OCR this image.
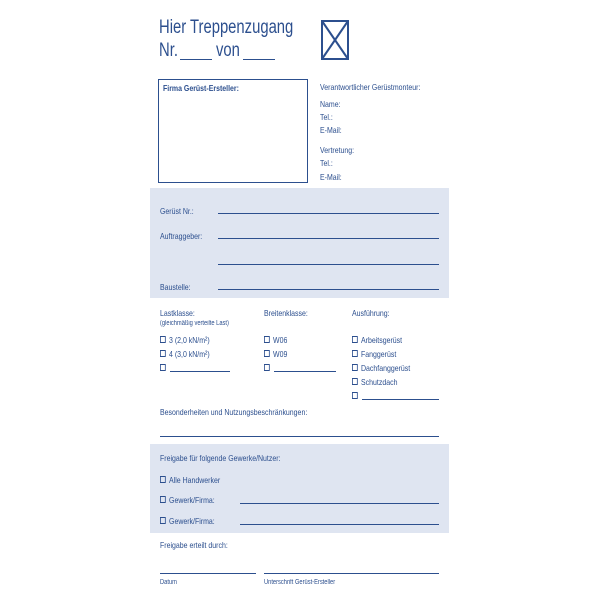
Hier Treppenzugang
Nr. von
Firma Gerüst-Ersteller:	Verantwortlicher Gerüstmonteur:
Name:
Tel.:
E-Mail:
Vertretung:
Tel.:
E-Mail:
Gerüst Nr.:
Auftraggeber:
Baustelle:
Lastklasse:
(gleichmäßig verteilte Last)
3 (2,0 kN/m²)
4 (3,0 kN/m²)
Breitenklasse:
W06
W09
Ausführung:
Arbeitsgerüst
Fanggerüst
Dachfanggerüst
Schutzdach
Besonderheiten und Nutzungsbeschränkungen:
Freigabe für folgende Gewerke/Nutzer:
Alle Handwerker
Gewerk/Firma:
Gewerk/Firma:
Freigabe erteilt durch:
Datum	Unterschrift Gerüst-Ersteller
